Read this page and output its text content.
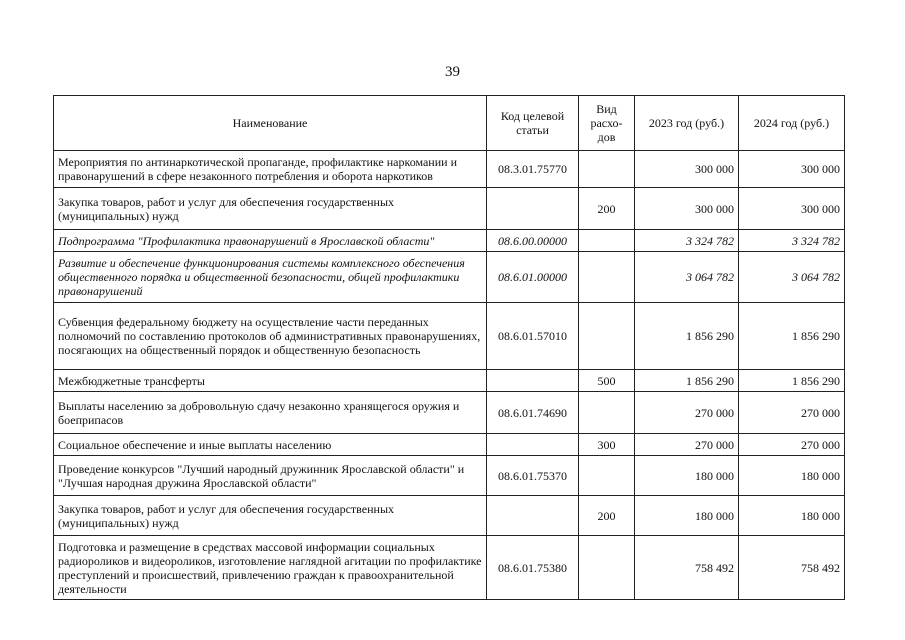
39
Наименование	Код целевой статьи	Вид расхо-дов	2023 год (руб.)	2024 год (руб.)
Мероприятия по антинаркотической пропаганде, профилактике наркомании и правонарушений в сфере незаконного потребления и оборота наркотиков	08.3.01.75770		300 000	300 000
Закупка товаров, работ и услуг для обеспечения государственных (муниципальных) нужд		200	300 000	300 000
Подпрограмма "Профилактика правонарушений в Ярославской области"	08.6.00.00000		3 324 782	3 324 782
Развитие и обеспечение функционирования системы комплексного обеспечения общественного порядка и общественной безопасности, общей профилактики правонарушений	08.6.01.00000		3 064 782	3 064 782
Субвенция федеральному бюджету на осуществление части переданных полномочий по составлению протоколов об административных правонарушениях, посягающих на общественный порядок и общественную безопасность	08.6.01.57010		1 856 290	1 856 290
Межбюджетные трансферты		500	1 856 290	1 856 290
Выплаты населению за добровольную сдачу незаконно хранящегося оружия и боеприпасов	08.6.01.74690		270 000	270 000
Социальное обеспечение и иные выплаты населению		300	270 000	270 000
Проведение конкурсов "Лучший народный дружинник Ярославской области" и "Лучшая народная дружина Ярославской области"	08.6.01.75370		180 000	180 000
Закупка товаров, работ и услуг для обеспечения государственных (муниципальных) нужд		200	180 000	180 000
Подготовка и размещение в средствах массовой информации социальных радиороликов и видеороликов, изготовление наглядной агитации по профилактике преступлений и происшествий, привлечению граждан к правоохранительной деятельности	08.6.01.75380		758 492	758 492
